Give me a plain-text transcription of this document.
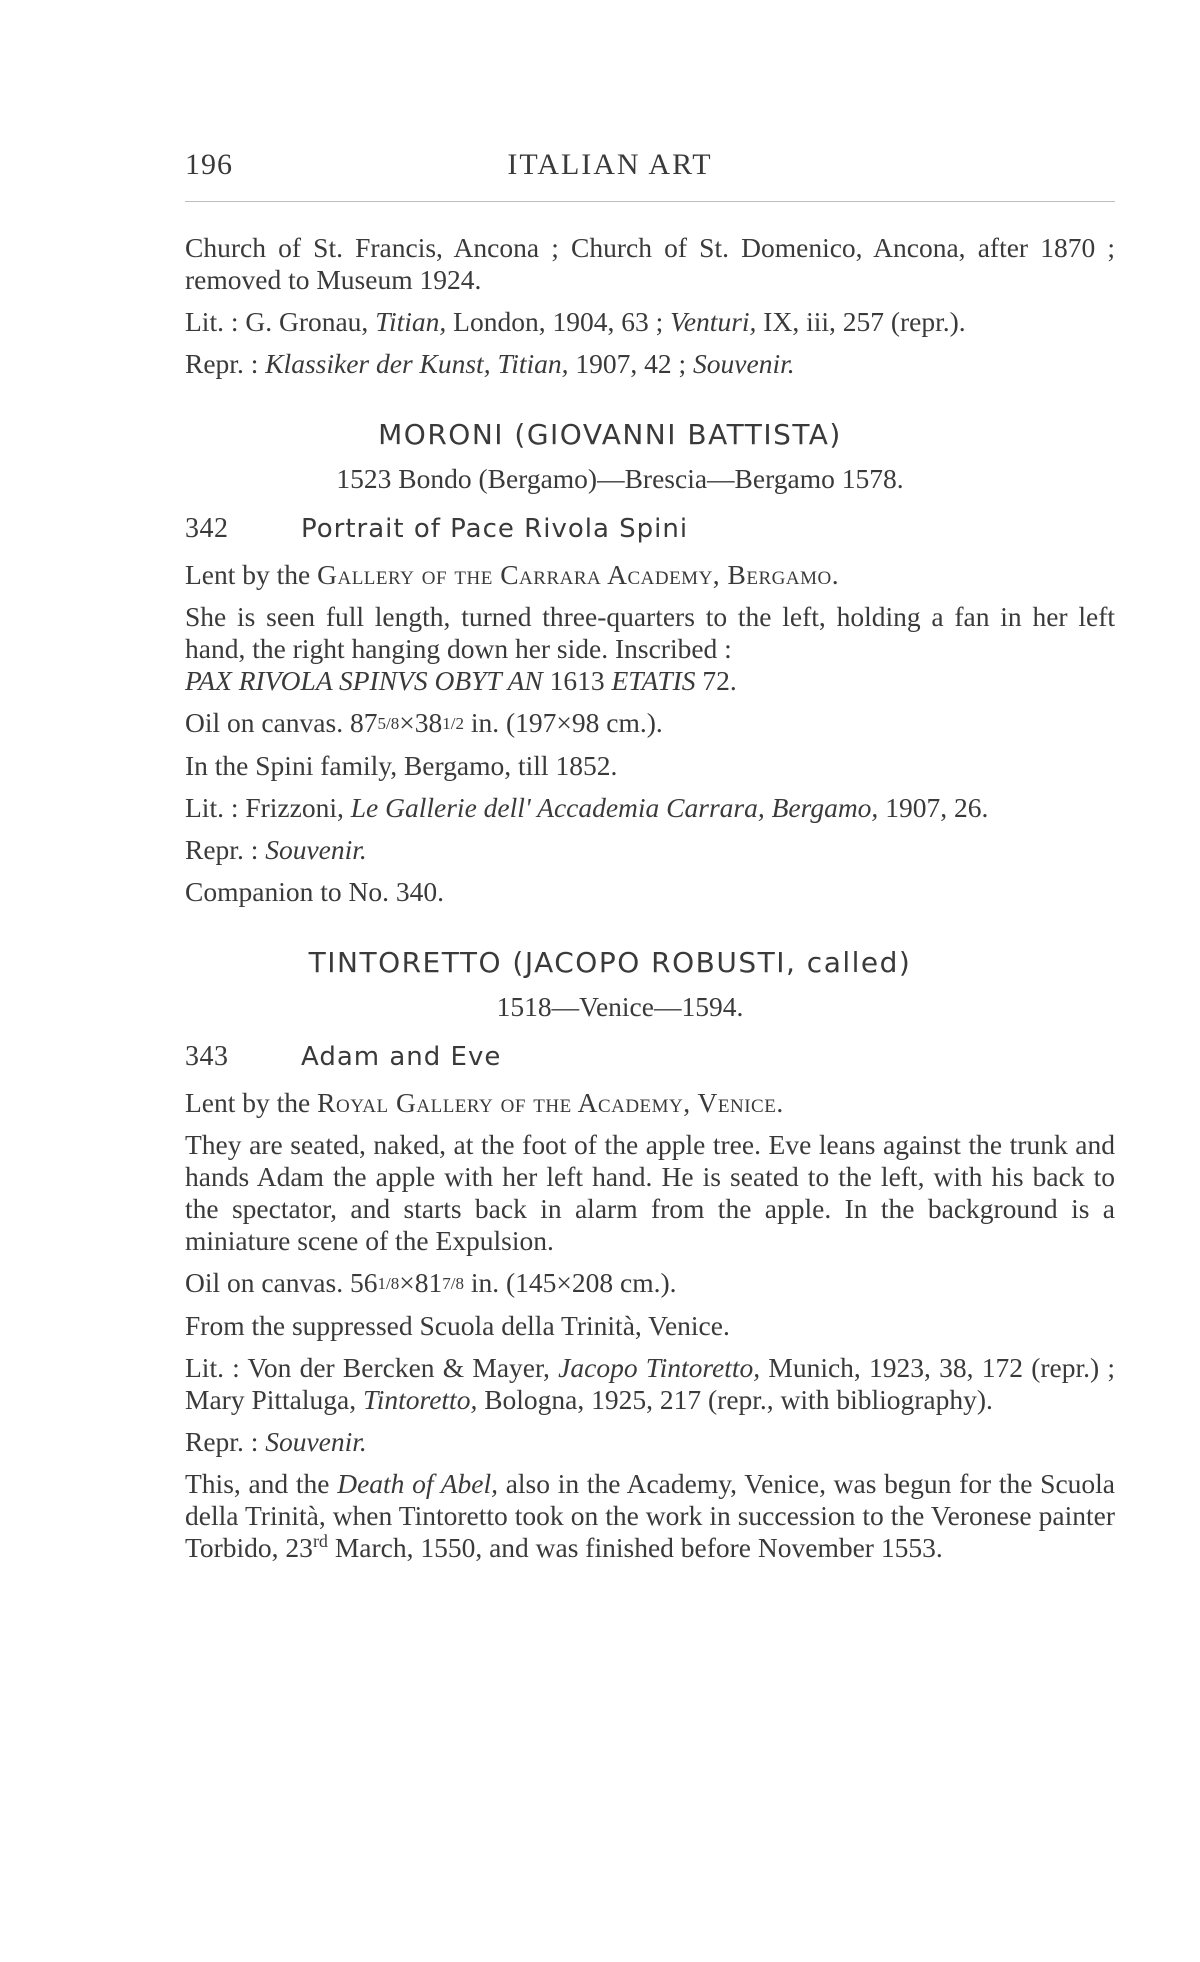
196	ITALIAN ART

Church of St. Francis, Ancona ; Church of St. Domenico, Ancona, after 1870 ; removed to Museum 1924.

Lit. : G. Gronau, Titian, London, 1904, 63 ; Venturi, IX, iii, 257 (repr.).

Repr. : Klassiker der Kunst, Titian, 1907, 42 ; Souvenir.

MORONI (GIOVANNI BATTISTA)
1523 Bondo (Bergamo)—Brescia—Bergamo 1578.
342	Portrait of Pace Rivola Spini

Lent by the Gallery of the Carrara Academy, Bergamo.

She is seen full length, turned three-quarters to the left, holding a fan in her left hand, the right hanging down her side. Inscribed :
PAX RIVOLA SPINVS OBYT AN 1613 ETATIS 72.

Oil on canvas. 875/8×381/2 in. (197×98 cm.).

In the Spini family, Bergamo, till 1852.

Lit. : Frizzoni, Le Gallerie dell' Accademia Carrara, Bergamo, 1907, 26.

Repr. : Souvenir.

Companion to No. 340.

TINTORETTO (JACOPO ROBUSTI, called)
1518—Venice—1594.
343	Adam and Eve

Lent by the Royal Gallery of the Academy, Venice.

They are seated, naked, at the foot of the apple tree. Eve leans against the trunk and hands Adam the apple with her left hand. He is seated to the left, with his back to the spectator, and starts back in alarm from the apple. In the background is a miniature scene of the Expulsion.

Oil on canvas. 561/8×817/8 in. (145×208 cm.).

From the suppressed Scuola della Trinità, Venice.

Lit. : Von der Bercken & Mayer, Jacopo Tintoretto, Munich, 1923, 38, 172 (repr.) ; Mary Pittaluga, Tintoretto, Bologna, 1925, 217 (repr., with bibliography).

Repr. : Souvenir.

This, and the Death of Abel, also in the Academy, Venice, was begun for the Scuola della Trinità, when Tintoretto took on the work in succession to the Veronese painter Torbido, 23rd March, 1550, and was finished before November 1553.
